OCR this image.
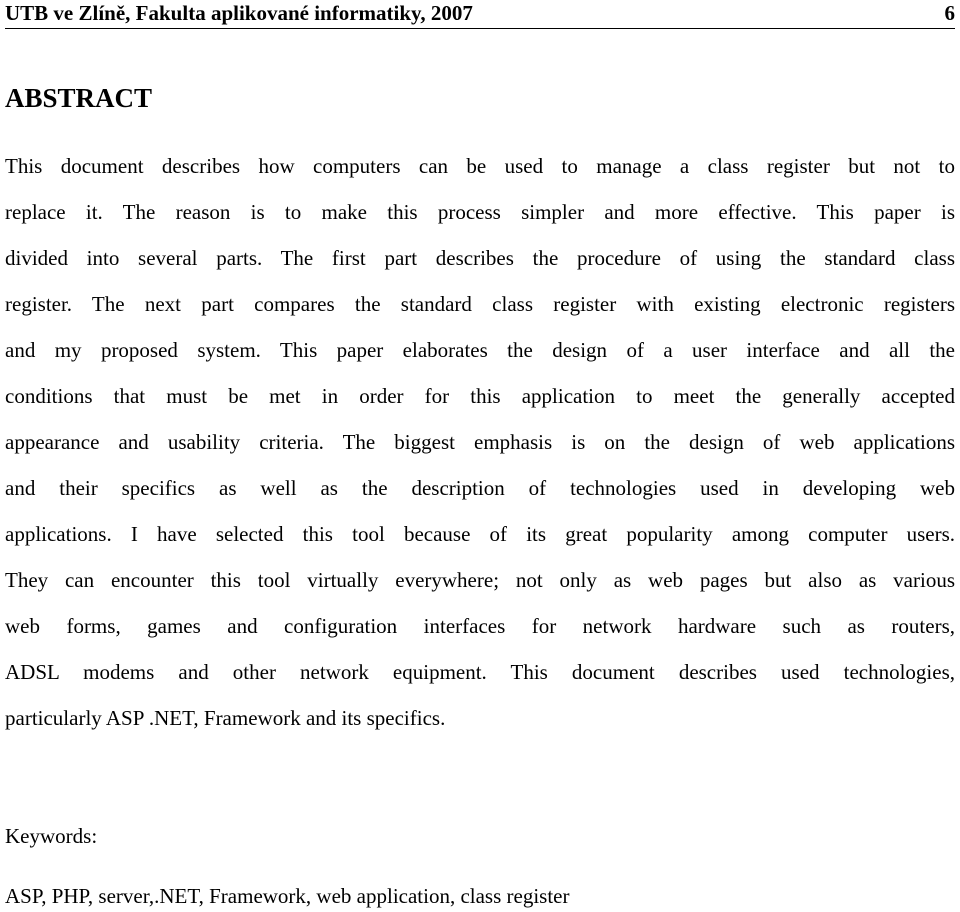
UTB ve Zlíně, Fakulta aplikované informatiky, 2007	6
ABSTRACT
This document describes how computers can be used to manage a class register but not to
replace it. The reason is to make this process simpler and more effective. This paper is
divided into several parts. The first part describes the procedure of using the standard class
register. The next part compares the standard class register with existing electronic registers
and my proposed system. This paper elaborates the design of a user interface and all the
conditions that must be met in order for this application to meet the generally accepted
appearance and usability criteria. The biggest emphasis is on the design of web applications
and their specifics as well as the description of technologies used in developing web
applications. I have selected this tool because of its great popularity among computer users.
They can encounter this tool virtually everywhere; not only as web pages but also as various
web forms, games and configuration interfaces for network hardware such as routers,
ADSL modems and other network equipment. This document describes used technologies,
particularly ASP .NET, Framework and its specifics.

Keywords:

ASP, PHP, server,.NET, Framework, web application, class register
